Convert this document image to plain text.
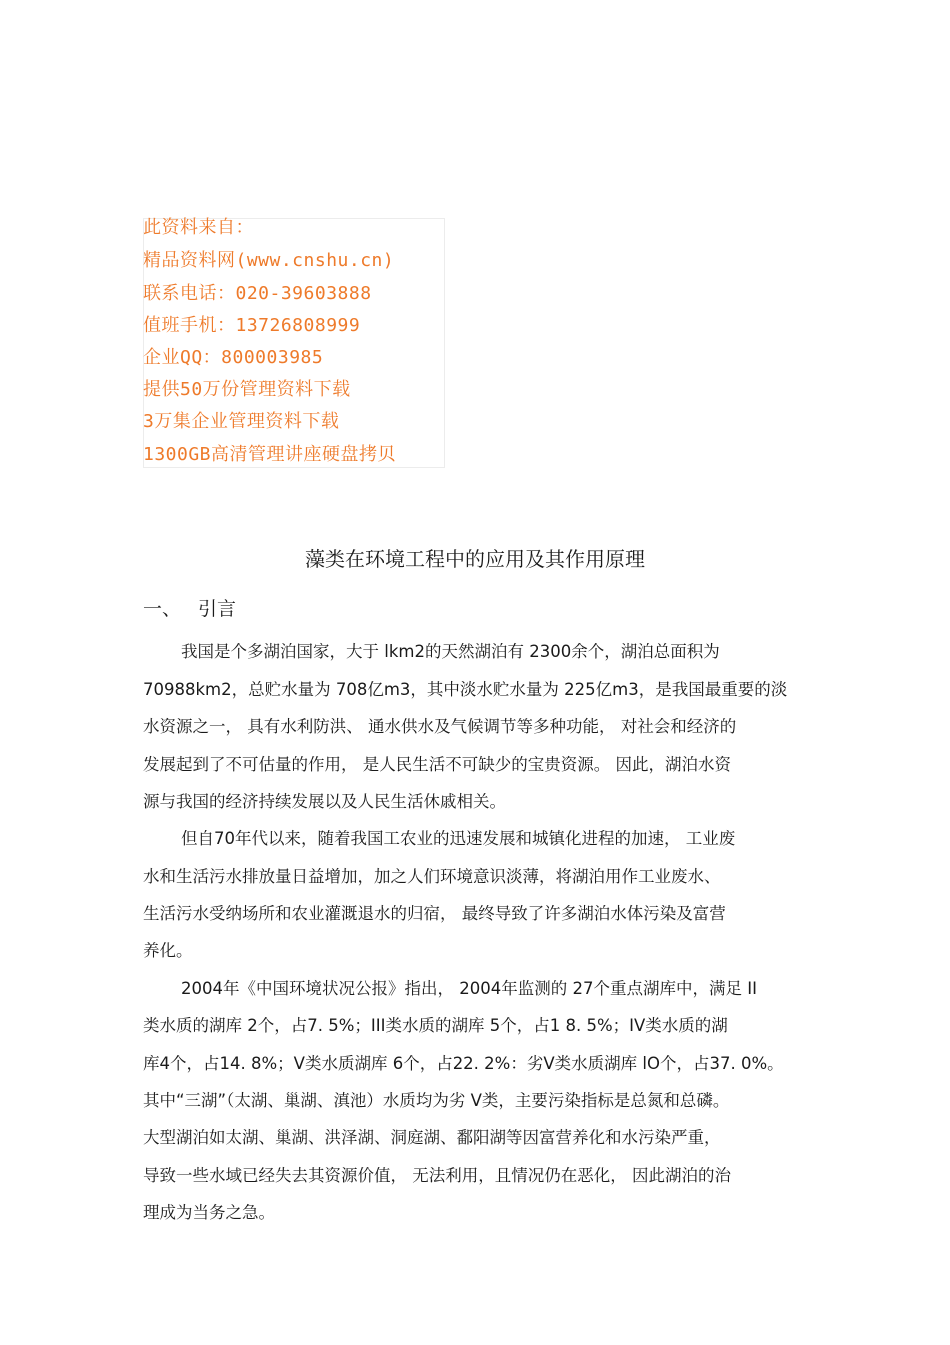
此资料来自：
精品资料网(www.cnshu.cn)
联系电话：020-39603888
值班手机：13726808999
企业QQ：800003985
提供50万份管理资料下载
3万集企业管理资料下载
1300GB高清管理讲座硬盘拷贝
藻类在环境工程中的应用及其作用原理
一、 引言
我国是个多湖泊国家，大于 lkm2的天然湖泊有 2300余个，湖泊总面积为
70988km2，总贮水量为 708亿m3，其中淡水贮水量为 225亿m3，是我国最重要的淡
水资源之一， 具有水利防洪、 通水供水及气候调节等多种功能， 对社会和经济的
发展起到了不可估量的作用， 是人民生活不可缺少的宝贵资源。 因此，湖泊水资
源与我国的经济持续发展以及人民生活休戚相关。
但自70年代以来，随着我国工农业的迅速发展和城镇化进程的加速， 工业废
水和生活污水排放量日益增加，加之人们环境意识淡薄，将湖泊用作工业废水、
生活污水受纳场所和农业灌溉退水的归宿， 最终导致了许多湖泊水体污染及富营
养化。
2004年《中国环境状况公报》指出， 2004年监测的 27个重点湖库中，满足 II
类水质的湖库 2个，占7. 5%；III类水质的湖库 5个，占1 8. 5%；IV类水质的湖
库4个，占14. 8%；V类水质湖库 6个，占22. 2%：劣V类水质湖库 lO个，占37. 0%。
其中“三湖”（太湖、巢湖、滇池）水质均为劣 V类，主要污染指标是总氮和总磷。
大型湖泊如太湖、巢湖、洪泽湖、洞庭湖、鄱阳湖等因富营养化和水污染严重，
导致一些水域已经失去其资源价值， 无法利用，且情况仍在恶化， 因此湖泊的治
理成为当务之急。
